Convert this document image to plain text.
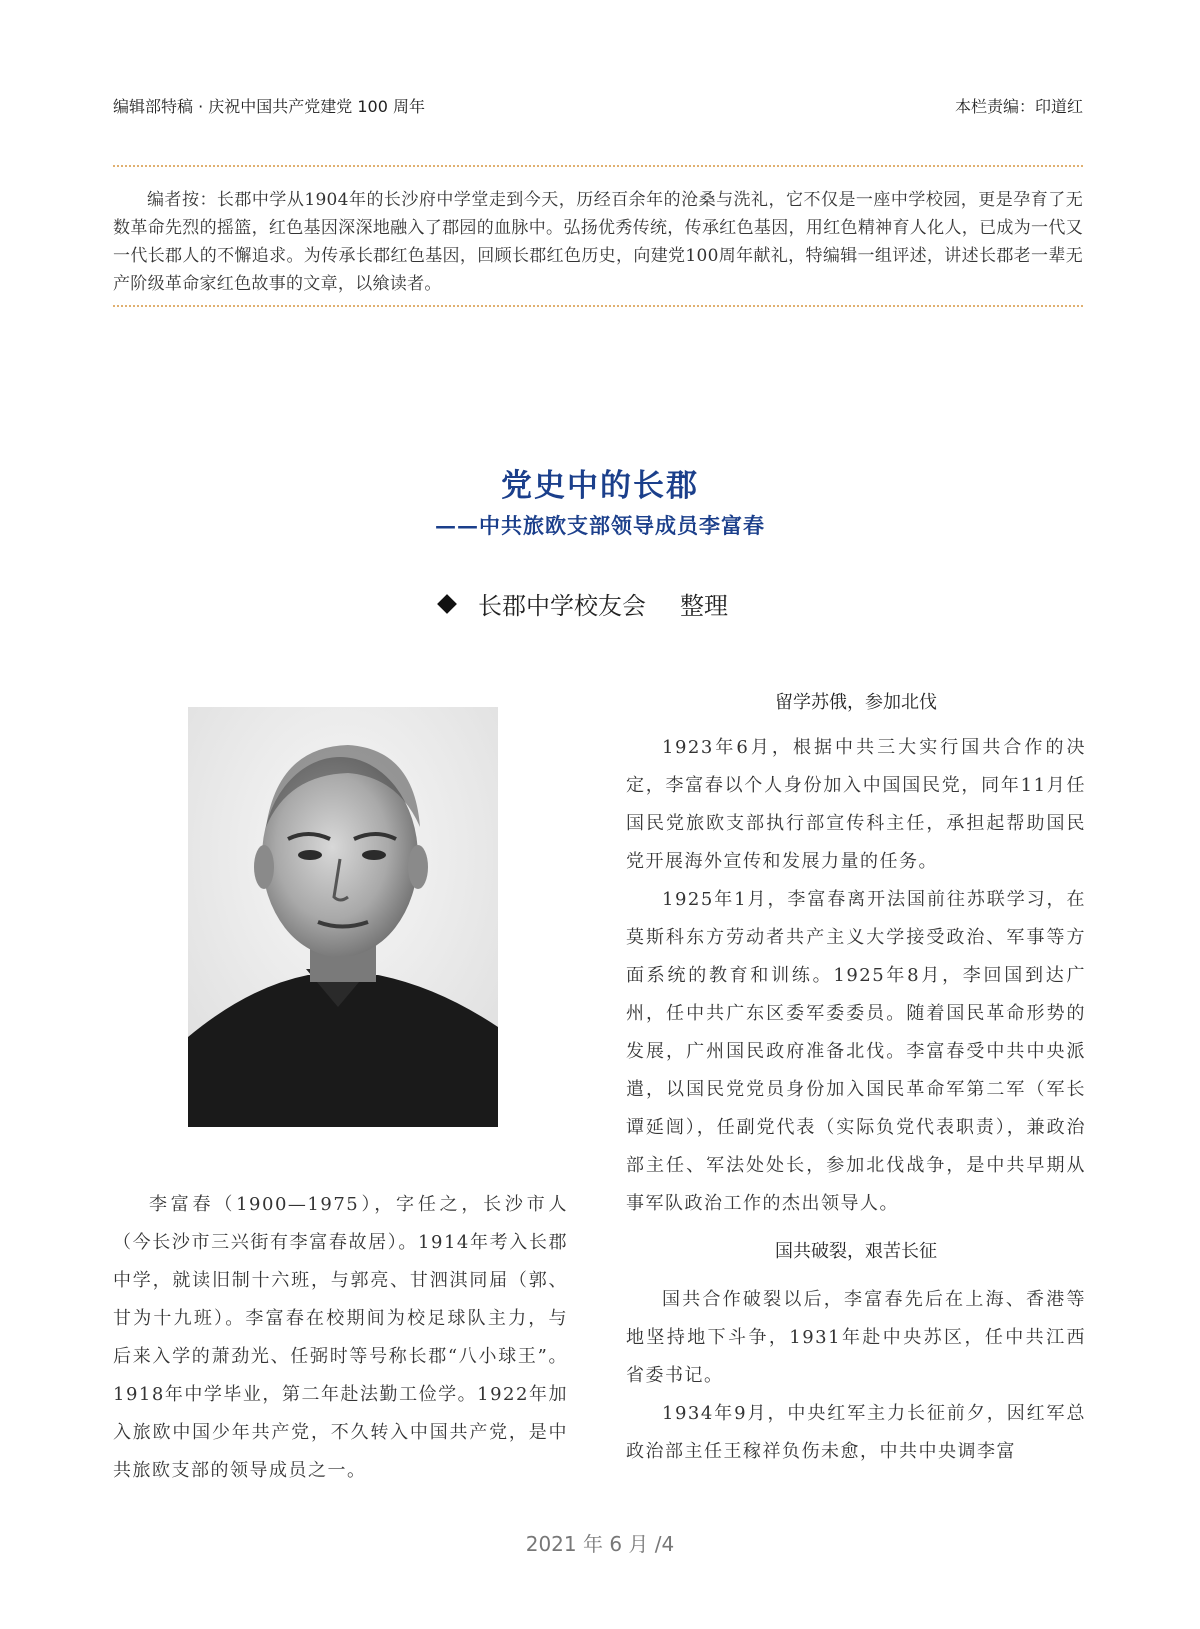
编辑部特稿 · 庆祝中国共产党建党 100 周年	本栏责编：印道红

编者按：长郡中学从1904年的长沙府中学堂走到今天，历经百余年的沧桑与洗礼，它不仅是一座中学校园，更是孕育了无数革命先烈的摇篮，红色基因深深地融入了郡园的血脉中。弘扬优秀传统，传承红色基因，用红色精神育人化人，已成为一代又一代长郡人的不懈追求。为传承长郡红色基因，回顾长郡红色历史，向建党100周年献礼，特编辑一组评述，讲述长郡老一辈无产阶级革命家红色故事的文章，以飨读者。

党史中的长郡
——中共旅欧支部领导成员李富春
长郡中学校友会 整理

李富春（1900—1975），字任之，长沙市人（今长沙市三兴街有李富春故居）。1914年考入长郡中学，就读旧制十六班，与郭亮、甘泗淇同届（郭、甘为十九班）。李富春在校期间为校足球队主力，与后来入学的萧劲光、任弼时等号称长郡“八小球王”。1918年中学毕业，第二年赴法勤工俭学。1922年加入旅欧中国少年共产党，不久转入中国共产党，是中共旅欧支部的领导成员之一。

留学苏俄，参加北伐

1923年6月，根据中共三大实行国共合作的决定，李富春以个人身份加入中国国民党，同年11月任国民党旅欧支部执行部宣传科主任，承担起帮助国民党开展海外宣传和发展力量的任务。

1925年1月，李富春离开法国前往苏联学习，在莫斯科东方劳动者共产主义大学接受政治、军事等方面系统的教育和训练。1925年8月，李回国到达广州，任中共广东区委军委委员。随着国民革命形势的发展，广州国民政府准备北伐。李富春受中共中央派遣，以国民党党员身份加入国民革命军第二军（军长谭延闿），任副党代表（实际负党代表职责），兼政治部主任、军法处处长，参加北伐战争，是中共早期从事军队政治工作的杰出领导人。

国共破裂，艰苦长征

国共合作破裂以后，李富春先后在上海、香港等地坚持地下斗争，1931年赴中央苏区，任中共江西省委书记。

1934年9月，中央红军主力长征前夕，因红军总政治部主任王稼祥负伤未愈，中共中央调李富

2021 年 6 月 /4
